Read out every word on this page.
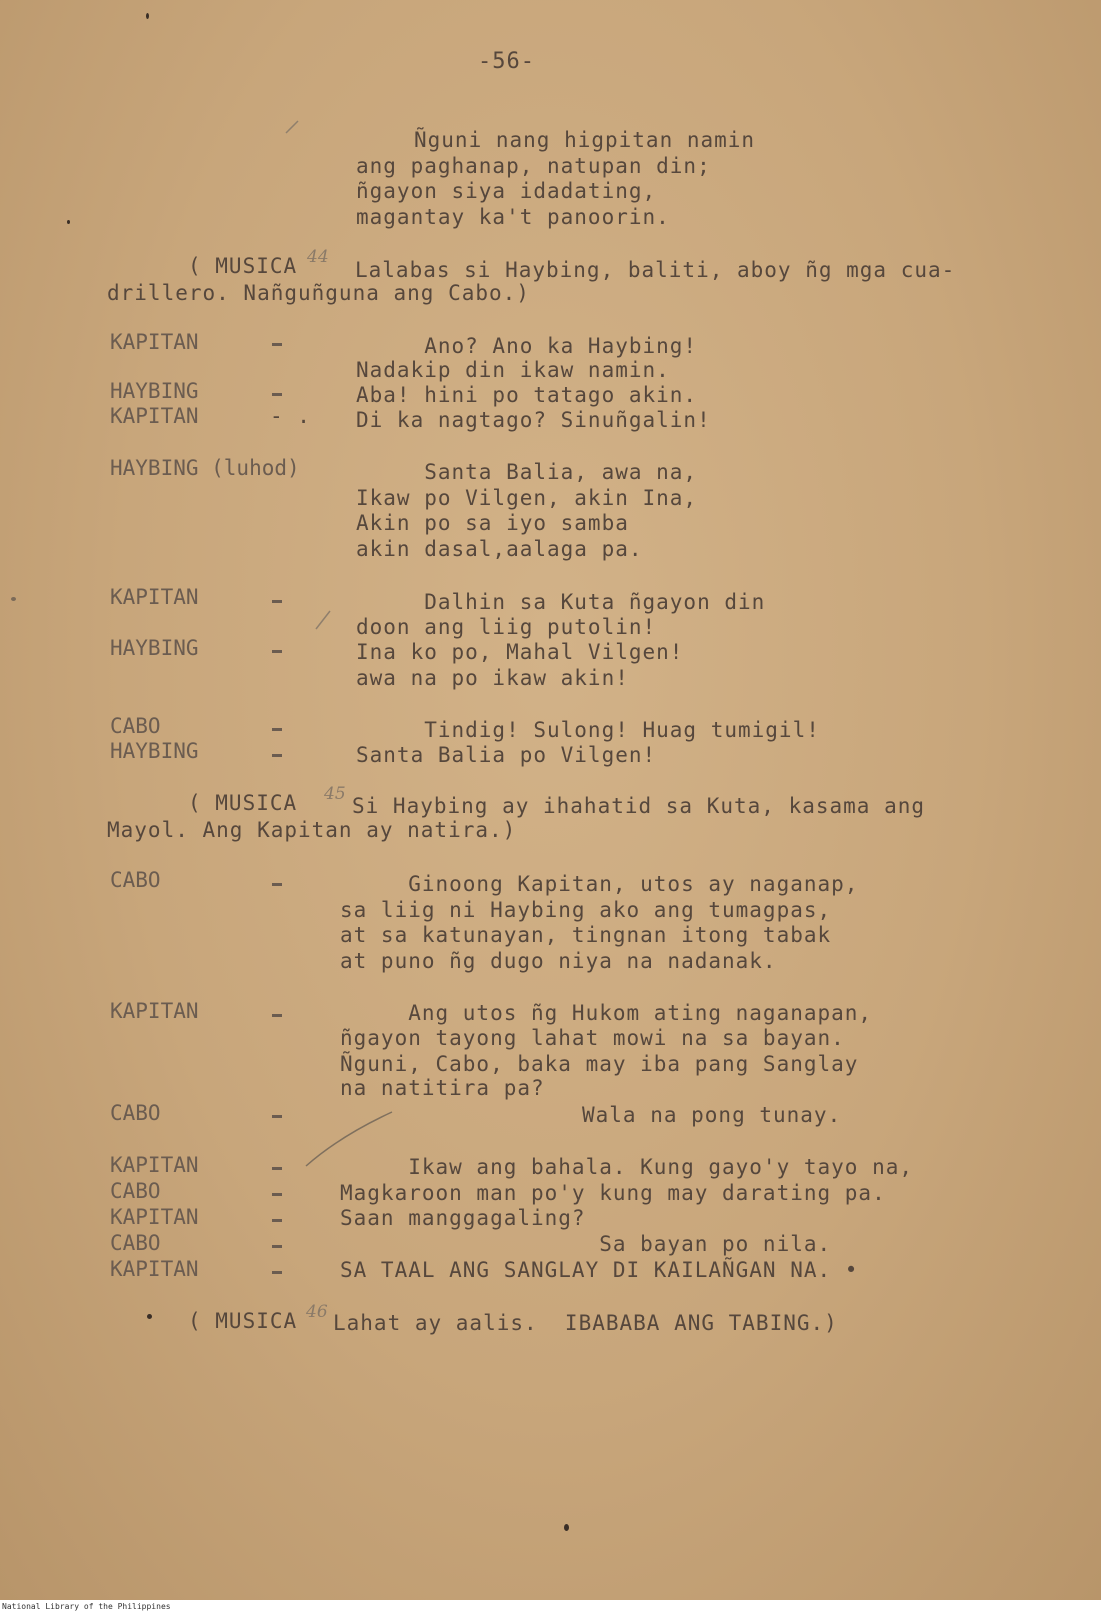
-56-
Ñguni nang higpitan namin
ang paghanap, natupan din;
ñgayon siya idadating,
magantay ka't panoorin.
( MUSICA 44
Lalabas si Haybing, baliti, aboy ñg mga cua-
drillero. Nañguñguna ang Cabo.)
KAPITAN	Ano? Ano ka Haybing!
Nadakip din ikaw namin.
HAYBING	Aba! hini po tatago akin.
KAPITAN	- . Di ka nagtago? Sinuñgalin!
HAYBING (luhod)	Santa Balia, awa na,
Ikaw po Vilgen, akin Ina,
Akin po sa iyo samba
akin dasal,aalaga pa.
KAPITAN	Dalhin sa Kuta ñgayon din
doon ang liig putolin!
HAYBING	Ina ko po, Mahal Vilgen!
awa na po ikaw akin!
CABO	Tindig! Sulong! Huag tumigil!
HAYBING	Santa Balia po Vilgen!
( MUSICA 45 Si Haybing ay ihahatid sa Kuta, kasama ang
Mayol. Ang Kapitan ay natira.)
CABO	Ginoong Kapitan, utos ay naganap,
sa liig ni Haybing ako ang tumagpas,
at sa katunayan, tingnan itong tabak
at puno ñg dugo niya na nadanak.
KAPITAN	Ang utos ñg Hukom ating naganapan,
ñgayon tayong lahat mowi na sa bayan.
Ñguni, Cabo, baka may iba pang Sanglay
na natitira pa?
CABO	Wala na pong tunay.
KAPITAN	Ikaw ang bahala. Kung gayo'y tayo na,
CABO	Magkaroon man po'y kung may darating pa.
KAPITAN	Saan manggagaling?
CABO	Sa bayan po nila.
KAPITAN	SA TAAL ANG SANGLAY DI KAILAÑGAN NA. •
( MUSICA 46 Lahat ay aalis.  IBABABA ANG TABING.)
National Library of the Philippines
